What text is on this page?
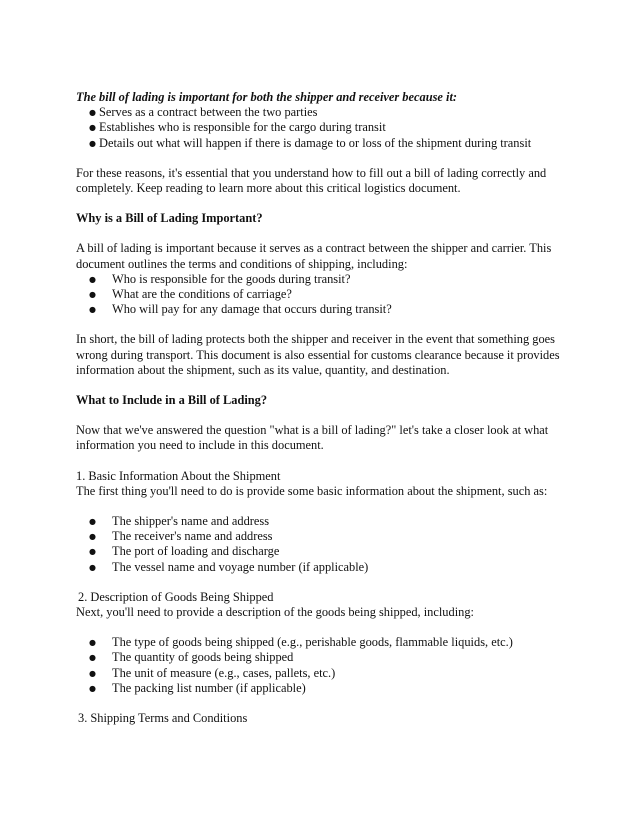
The bill of lading is important for both the shipper and receiver because it:

● Serves as a contract between the two parties
● Establishes who is responsible for the cargo during transit
● Details out what will happen if there is damage to or loss of the shipment during transit

For these reasons, it's essential that you understand how to fill out a bill of lading correctly and completely. Keep reading to learn more about this critical logistics document.

Why is a Bill of Lading Important?

A bill of lading is important because it serves as a contract between the shipper and carrier. This document outlines the terms and conditions of shipping, including:

● Who is responsible for the goods during transit?
● What are the conditions of carriage?
● Who will pay for any damage that occurs during transit?

In short, the bill of lading protects both the shipper and receiver in the event that something goes wrong during transport. This document is also essential for customs clearance because it provides information about the shipment, such as its value, quantity, and destination.

What to Include in a Bill of Lading?

Now that we've answered the question "what is a bill of lading?" let's take a closer look at what information you need to include in this document.

1. Basic Information About the Shipment

The first thing you'll need to do is provide some basic information about the shipment, such as:

● The shipper's name and address
● The receiver's name and address
● The port of loading and discharge
● The vessel name and voyage number (if applicable)

2. Description of Goods Being Shipped

Next, you'll need to provide a description of the goods being shipped, including:

● The type of goods being shipped (e.g., perishable goods, flammable liquids, etc.)
● The quantity of goods being shipped
● The unit of measure (e.g., cases, pallets, etc.)
● The packing list number (if applicable)

3. Shipping Terms and Conditions
